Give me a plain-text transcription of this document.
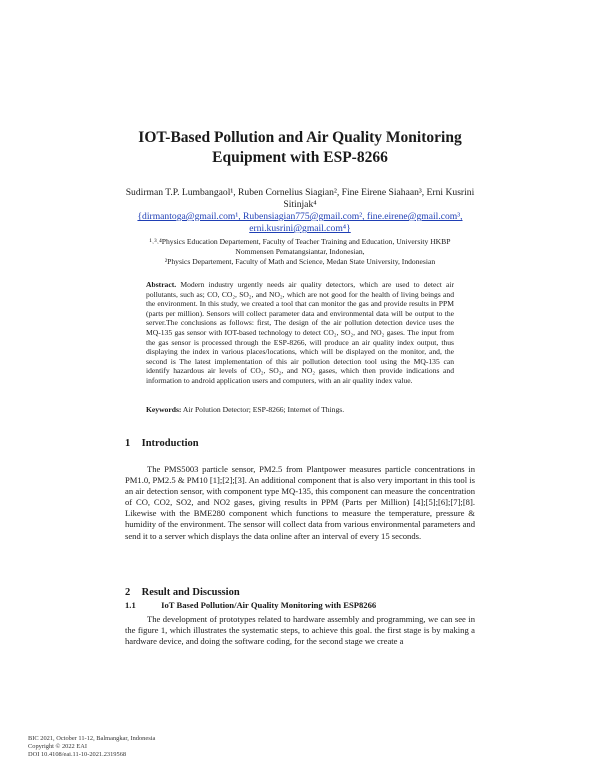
IOT-Based Pollution and Air Quality Monitoring
Equipment with ESP-8266
Sudirman T.P. Lumbangaol¹, Ruben Cornelius Siagian², Fine Eirene Siahaan³, Erni Kusrini
Sitinjak⁴
{dirmantoga@gmail.com¹, Rubensiagian775@gmail.com², fine.eirene@gmail.com³,
erni.kusrini@gmail.com⁴}
¹˒³˒⁴Physics Education Departement, Faculty of Teacher Training and Education, University HKBP
Nommensen Pematangsiantar, Indonesian,
²Physics Departement, Faculty of Math and Science, Medan State University, Indonesian
Abstract. Modern industry urgently needs air quality detectors, which are used to detect air pollutants, such as; CO, CO₂, SO₂, and NO₂, which are not good for the health of living beings and the environment. In this study, we created a tool that can monitor the gas and provide results in PPM (parts per million). Sensors will collect parameter data and environmental data will be output to the server.The conclusions as follows: first, The design of the air pollution detection device uses the MQ-135 gas sensor with IOT-based technology to detect CO₂, SO₂, and NO₂ gases. The input from the gas sensor is processed through the ESP-8266, will produce an air quality index output, thus displaying the index in various places/locations, which will be displayed on the monitor, and, the second is The latest implementation of this air pollution detection tool using the MQ-135 can identify hazardous air levels of CO₂, SO₂, and NO₂ gases, which then provide indications and information to android application users and computers, with an air quality index value.
Keywords: Air Polution Detector; ESP-8266; Internet of Things.
1 Introduction
The PMS5003 particle sensor, PM2.5 from Plantpower measures particle concentrations in PM1.0, PM2.5 & PM10 [1];[2];[3]. An additional component that is also very important in this tool is an air detection sensor, with component type MQ-135, this component can measure the concentration of CO, CO2, SO2, and NO2 gases, giving results in PPM (Parts per Million) [4];[5];[6];[7];[8]. Likewise with the BME280 component which functions to measure the temperature, pressure & humidity of the environment. The sensor will collect data from various environmental parameters and send it to a server which displays the data online after an interval of every 15 seconds.
2 Result and Discussion
1.1	IoT Based Pollution/Air Quality Monitoring with ESP8266
The development of prototypes related to hardware assembly and programming, we can see in the figure 1, which illustrates the systematic steps, to achieve this goal. the first stage is by making a hardware device, and doing the software coding, for the second stage we create a
BIC 2021, October 11-12, Balmangkar, Indonesia
Copyright © 2022 EAI
DOI 10.4108/eai.11-10-2021.2319568
